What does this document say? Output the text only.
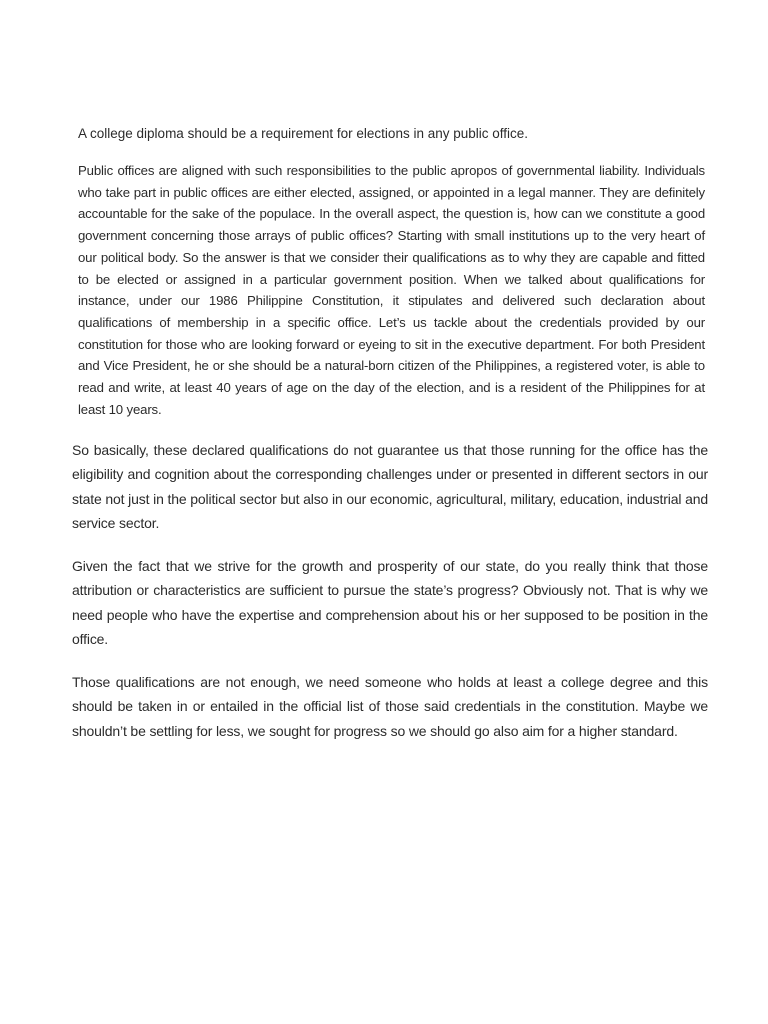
A college diploma should be a requirement for elections in any public office.

Public offices are aligned with such responsibilities to the public apropos of governmental liability. Individuals who take part in public offices are either elected, assigned, or appointed in a legal manner. They are definitely accountable for the sake of the populace. In the overall aspect, the question is, how can we constitute a good government concerning those arrays of public offices? Starting with small institutions up to the very heart of our political body. So the answer is that we consider their qualifications as to why they are capable and fitted to be elected or assigned in a particular government position. When we talked about qualifications for instance, under our 1986 Philippine Constitution, it stipulates and delivered such declaration about qualifications of membership in a specific office. Let’s us tackle about the credentials provided by our constitution for those who are looking forward or eyeing to sit in the executive department. For both President and Vice President, he or she should be a natural-born citizen of the Philippines, a registered voter, is able to read and write, at least 40 years of age on the day of the election, and is a resident of the Philippines for at least 10 years.

So basically, these declared qualifications do not guarantee us that those running for the office has the eligibility and cognition about the corresponding challenges under or presented in different sectors in our state not just in the political sector but also in our economic, agricultural, military, education, industrial and service sector.

Given the fact that we strive for the growth and prosperity of our state, do you really think that those attribution or characteristics are sufficient to pursue the state’s progress? Obviously not. That is why we need people who have the expertise and comprehension about his or her supposed to be position in the office.

Those qualifications are not enough, we need someone who holds at least a college degree and this should be taken in or entailed in the official list of those said credentials in the constitution. Maybe we shouldn’t be settling for less, we sought for progress so we should go also aim for a higher standard.
